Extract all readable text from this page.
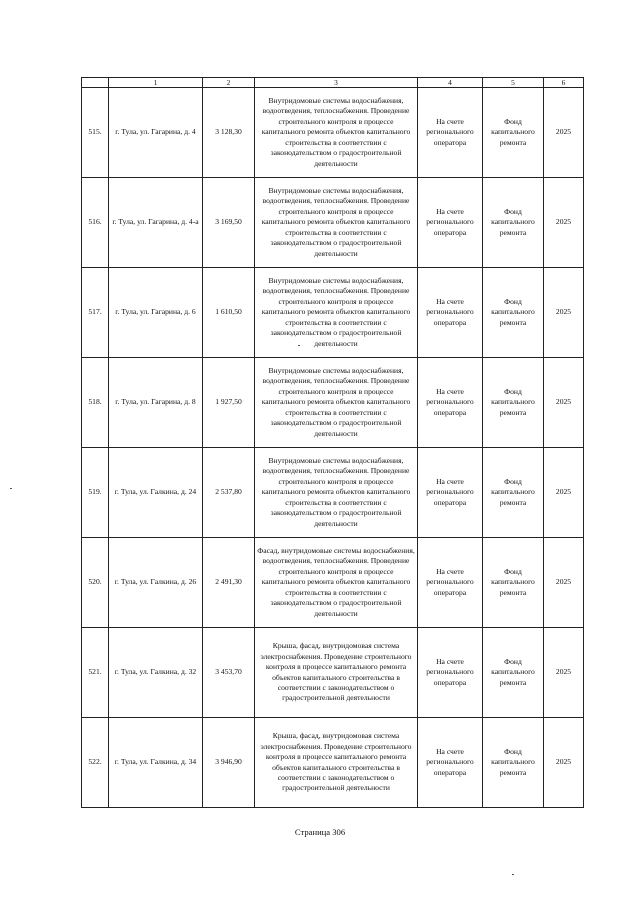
	1	2	3	4	5	6
515.	г. Тула, ул. Гагарина, д. 4	3 128,30	Внутридомовые системы водоснабжения, водоотведения, теплоснабжения. Проведение строительного контроля в процессе капитального ремонта объектов капитального строительства в соответствии с законодательством о градостроительной деятельности	На счете регионального оператора	Фонд капитального ремонта	2025
516.	г. Тула, ул. Гагарина, д. 4-а	3 169,50	Внутридомовые системы водоснабжения, водоотведения, теплоснабжения. Проведение строительного контроля в процессе капитального ремонта объектов капитального строительства в соответствии с законодательством о градостроительной деятельности	На счете регионального оператора	Фонд капитального ремонта	2025
517.	г. Тула, ул. Гагарина, д. 6	1 610,50	Внутридомовые системы водоснабжения, водоотведения, теплоснабжения. Проведение строительного контроля в процессе капитального ремонта объектов капитального строительства в соответствии с законодательством о градостроительной деятельности	На счете регионального оператора	Фонд капитального ремонта	2025
518.	г. Тула, ул. Гагарина, д. 8	1 927,50	Внутридомовые системы водоснабжения, водоотведения, теплоснабжения. Проведение строительного контроля в процессе капитального ремонта объектов капитального строительства в соответствии с законодательством о градостроительной деятельности	На счете регионального оператора	Фонд капитального ремонта	2025
519.	г. Тула, ул. Галкина, д. 24	2 537,80	Внутридомовые системы водоснабжения, водоотведения, теплоснабжения. Проведение строительного контроля в процессе капитального ремонта объектов капитального строительства в соответствии с законодательством о градостроительной деятельности	На счете регионального оператора	Фонд капитального ремонта	2025
520.	г. Тула, ул. Галкина, д. 26	2 491,30	Фасад, внутридомовые системы водоснабжения, водоотведения, теплоснабжения. Проведение строительного контроля в процессе капитального ремонта объектов капитального строительства в соответствии с законодательством о градостроительной деятельности	На счете регионального оператора	Фонд капитального ремонта	2025
521.	г. Тула, ул. Галкина, д. 32	3 453,70	Крыша, фасад, внутридомовая система электроснабжения. Проведение строительного контроля в процессе капитального ремонта объектов капитального строительства в соответствии с законодательством о градостроительной деятельности	На счете регионального оператора	Фонд капитального ремонта	2025
522.	г. Тула, ул. Галкина, д. 34	3 946,90	Крыша, фасад, внутридомовая система электроснабжения. Проведение строительного контроля в процессе капитального ремонта объектов капитального строительства в соответствии с законодательством о градостроительной деятельности	На счете регионального оператора	Фонд капитального ремонта	2025
Страница 306
